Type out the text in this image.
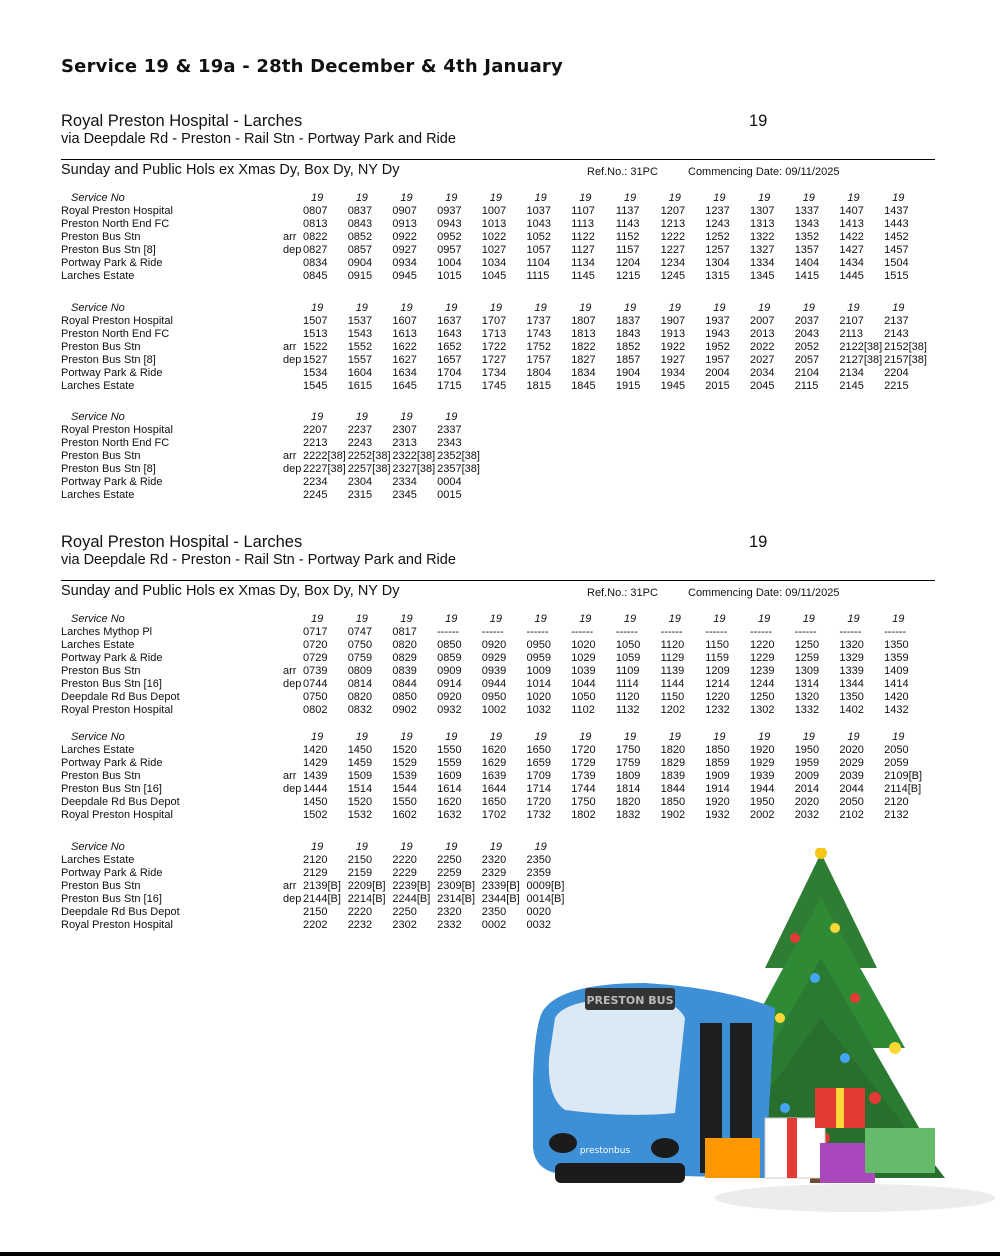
Service 19 & 19a - 28th December & 4th January
Royal Preston Hospital - Larches	19
via Deepdale Rd - Preston - Rail Stn - Portway Park and Ride
Sunday and Public Hols ex Xmas Dy, Box Dy, NY Dy	Ref.No.: 31PC	Commencing Date: 09/11/2025
Service No	19	19	19	19	19	19	19	19	19	19	19	19	19	19
Royal Preston Hospital	0807 0837 0907 0937 1007 1037 1107 1137 1207 1237 1307 1337 1407 1437
Preston North End FC	0813 0843 0913 0943 1013 1043 1113 1143 1213 1243 1313 1343 1413 1443
Preston Bus Stn	arr 0822 0852 0922 0952 1022 1052 1122 1152 1222 1252 1322 1352 1422 1452
Preston Bus Stn [8]	dep 0827 0857 0927 0957 1027 1057 1127 1157 1227 1257 1327 1357 1427 1457
Portway Park & Ride	0834 0904 0934 1004 1034 1104 1134 1204 1234 1304 1334 1404 1434 1504
Larches Estate	0845 0915 0945 1015 1045 1115 1145 1215 1245 1315 1345 1415 1445 1515
Service No	19	19	19	19	19	19	19	19	19	19	19	19	19	19
Royal Preston Hospital	1507 1537 1607 1637 1707 1737 1807 1837 1907 1937 2007 2037 2107 2137
Preston North End FC	1513 1543 1613 1643 1713 1743 1813 1843 1913 1943 2013 2043 2113 2143
Preston Bus Stn	arr 1522 1552 1622 1652 1722 1752 1822 1852 1922 1952 2022 2052 2122[38] 2152[38]
Preston Bus Stn [8]	dep 1527 1557 1627 1657 1727 1757 1827 1857 1927 1957 2027 2057 2127[38] 2157[38]
Portway Park & Ride	1534 1604 1634 1704 1734 1804 1834 1904 1934 2004 2034 2104 2134 2204
Larches Estate	1545 1615 1645 1715 1745 1815 1845 1915 1945 2015 2045 2115 2145 2215
Service No	19	19	19	19
Royal Preston Hospital	2207 2237 2307 2337
Preston North End FC	2213 2243 2313 2343
Preston Bus Stn	arr 2222[38] 2252[38] 2322[38] 2352[38]
Preston Bus Stn [8]	dep 2227[38] 2257[38] 2327[38] 2357[38]
Portway Park & Ride	2234 2304 2334 0004
Larches Estate	2245 2315 2345 0015
Royal Preston Hospital - Larches	19
via Deepdale Rd - Preston - Rail Stn - Portway Park and Ride
Sunday and Public Hols ex Xmas Dy, Box Dy, NY Dy	Ref.No.: 31PC	Commencing Date: 09/11/2025
Service No	19	19	19	19	19	19	19	19	19	19	19	19	19	19
Larches Mythop Pl	0717 0747 0817 ------ ------ ------ ------ ------ ------ ------ ------ ------ ------ ------
Larches Estate	0720 0750 0820 0850 0920 0950 1020 1050 1120 1150 1220 1250 1320 1350
Portway Park & Ride	0729 0759 0829 0859 0929 0959 1029 1059 1129 1159 1229 1259 1329 1359
Preston Bus Stn	arr 0739 0809 0839 0909 0939 1009 1039 1109 1139 1209 1239 1309 1339 1409
Preston Bus Stn [16]	dep 0744 0814 0844 0914 0944 1014 1044 1114 1144 1214 1244 1314 1344 1414
Deepdale Rd Bus Depot	0750 0820 0850 0920 0950 1020 1050 1120 1150 1220 1250 1320 1350 1420
Royal Preston Hospital	0802 0832 0902 0932 1002 1032 1102 1132 1202 1232 1302 1332 1402 1432
Service No	19	19	19	19	19	19	19	19	19	19	19	19	19	19
Larches Estate	1420 1450 1520 1550 1620 1650 1720 1750 1820 1850 1920 1950 2020 2050
Portway Park & Ride	1429 1459 1529 1559 1629 1659 1729 1759 1829 1859 1929 1959 2029 2059
Preston Bus Stn	arr 1439 1509 1539 1609 1639 1709 1739 1809 1839 1909 1939 2009 2039 2109[B]
Preston Bus Stn [16]	dep 1444 1514 1544 1614 1644 1714 1744 1814 1844 1914 1944 2014 2044 2114[B]
Deepdale Rd Bus Depot	1450 1520 1550 1620 1650 1720 1750 1820 1850 1920 1950 2020 2050 2120
Royal Preston Hospital	1502 1532 1602 1632 1702 1732 1802 1832 1902 1932 2002 2032 2102 2132
Service No	19	19	19	19	19	19
Larches Estate	2120 2150 2220 2250 2320 2350
Portway Park & Ride	2129 2159 2229 2259 2329 2359
Preston Bus Stn	arr 2139[B] 2209[B] 2239[B] 2309[B] 2339[B] 0009[B]
Preston Bus Stn [16]	dep 2144[B] 2214[B] 2244[B] 2314[B] 2344[B] 0014[B]
Deepdale Rd Bus Depot	2150 2220 2250 2320 2350 0020
Royal Preston Hospital	2202 2232 2302 2332 0002 0032
PRESTON BUS
prestonbus
